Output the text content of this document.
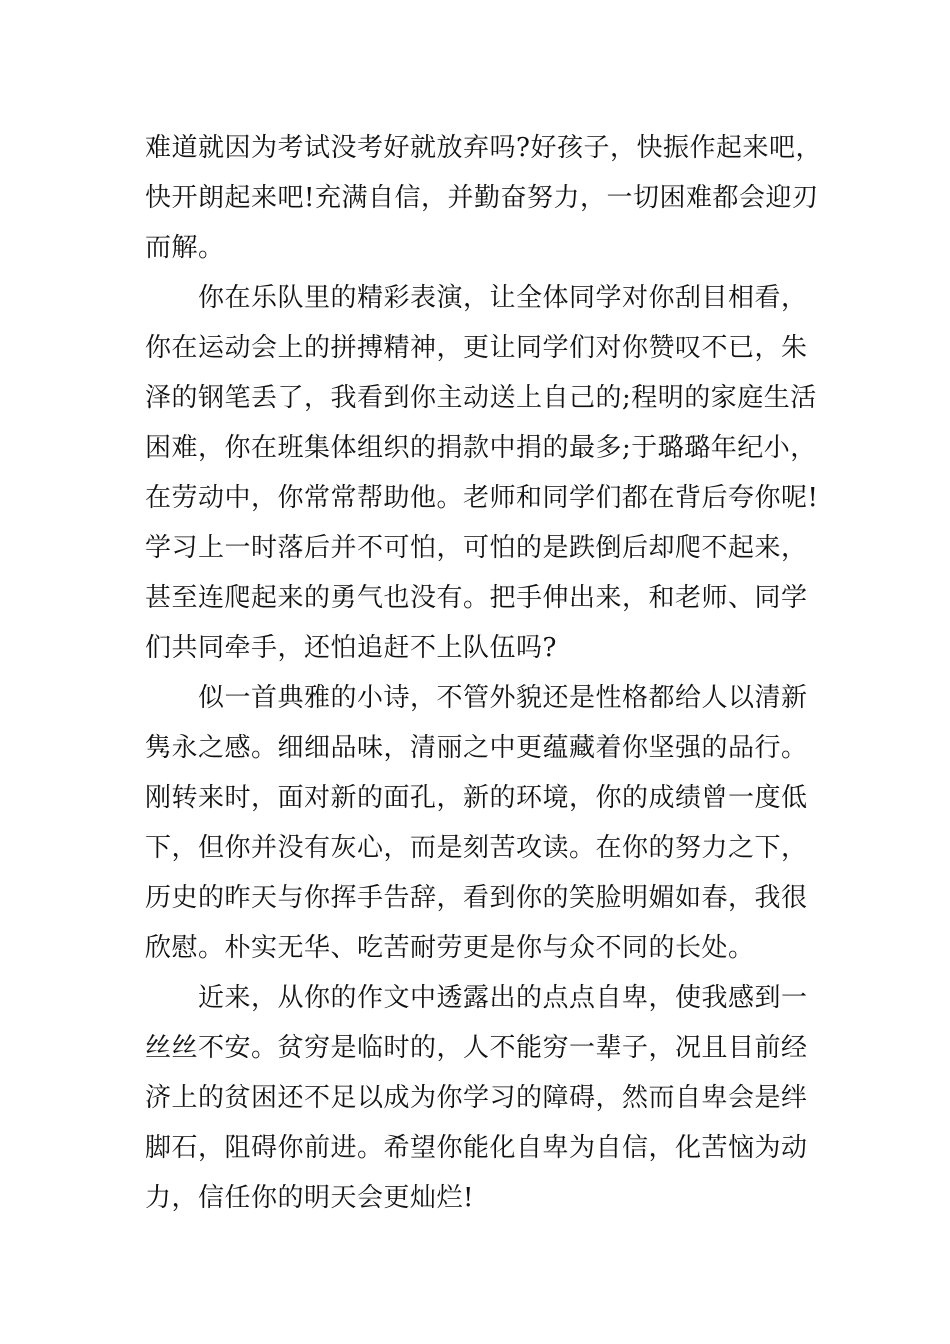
难道就因为考试没考好就放弃吗?好孩子，快振作起来吧，
快开朗起来吧!充满自信，并勤奋努力，一切困难都会迎刃
而解。
你在乐队里的精彩表演，让全体同学对你刮目相看，
你在运动会上的拼搏精神，更让同学们对你赞叹不已，朱
泽的钢笔丢了，我看到你主动送上自己的;程明的家庭生活
困难，你在班集体组织的捐款中捐的最多;于璐璐年纪小，
在劳动中，你常常帮助他。老师和同学们都在背后夸你呢!
学习上一时落后并不可怕，可怕的是跌倒后却爬不起来，
甚至连爬起来的勇气也没有。把手伸出来，和老师、同学
们共同牵手，还怕追赶不上队伍吗?
似一首典雅的小诗，不管外貌还是性格都给人以清新
隽永之感。细细品味，清丽之中更蕴藏着你坚强的品行。
刚转来时，面对新的面孔，新的环境，你的成绩曾一度低
下，但你并没有灰心，而是刻苦攻读。在你的努力之下，
历史的昨天与你挥手告辞，看到你的笑脸明媚如春，我很
欣慰。朴实无华、吃苦耐劳更是你与众不同的长处。
近来，从你的作文中透露出的点点自卑，使我感到一
丝丝不安。贫穷是临时的，人不能穷一辈子，况且目前经
济上的贫困还不足以成为你学习的障碍，然而自卑会是绊
脚石，阻碍你前进。希望你能化自卑为自信，化苦恼为动
力，信任你的明天会更灿烂!
